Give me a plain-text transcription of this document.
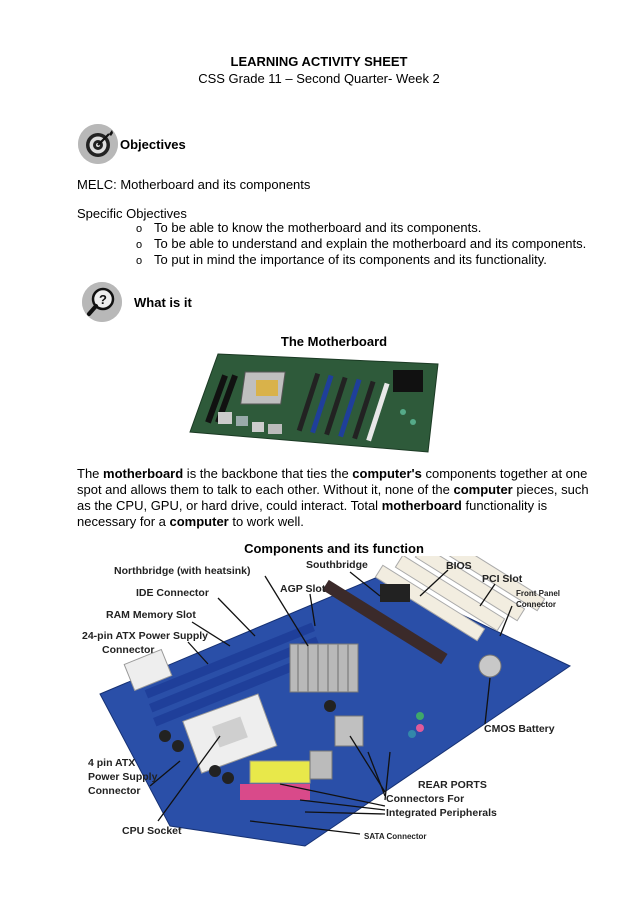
LEARNING ACTIVITY SHEET
CSS Grade 11 – Second Quarter- Week 2
Objectives
MELC: Motherboard and its components
Specific Objectives
o To be able to know the motherboard and its components.
o To be able to understand and explain the motherboard and its components.
o To put in mind the importance of its components and its functionality.
? What is it
The Motherboard
The motherboard is the backbone that ties the computer's components together at one spot and allows them to talk to each other. Without it, none of the computer pieces, such as the CPU, GPU, or hard drive, could interact. Total motherboard functionality is necessary for a computer to work well.
Components and its function
Northbridge (with heatsink)	Southbridge	BIOS
PCI Slot
Front Panel
Connector
IDE Connector	AGP Slot
RAM Memory Slot
24-pin ATX Power Supply
Connector
CMOS Battery
4 pin ATX
Power Supply
Connector	REAR PORTS
Connectors For
Integrated Peripherals
CPU Socket	SATA Connector
